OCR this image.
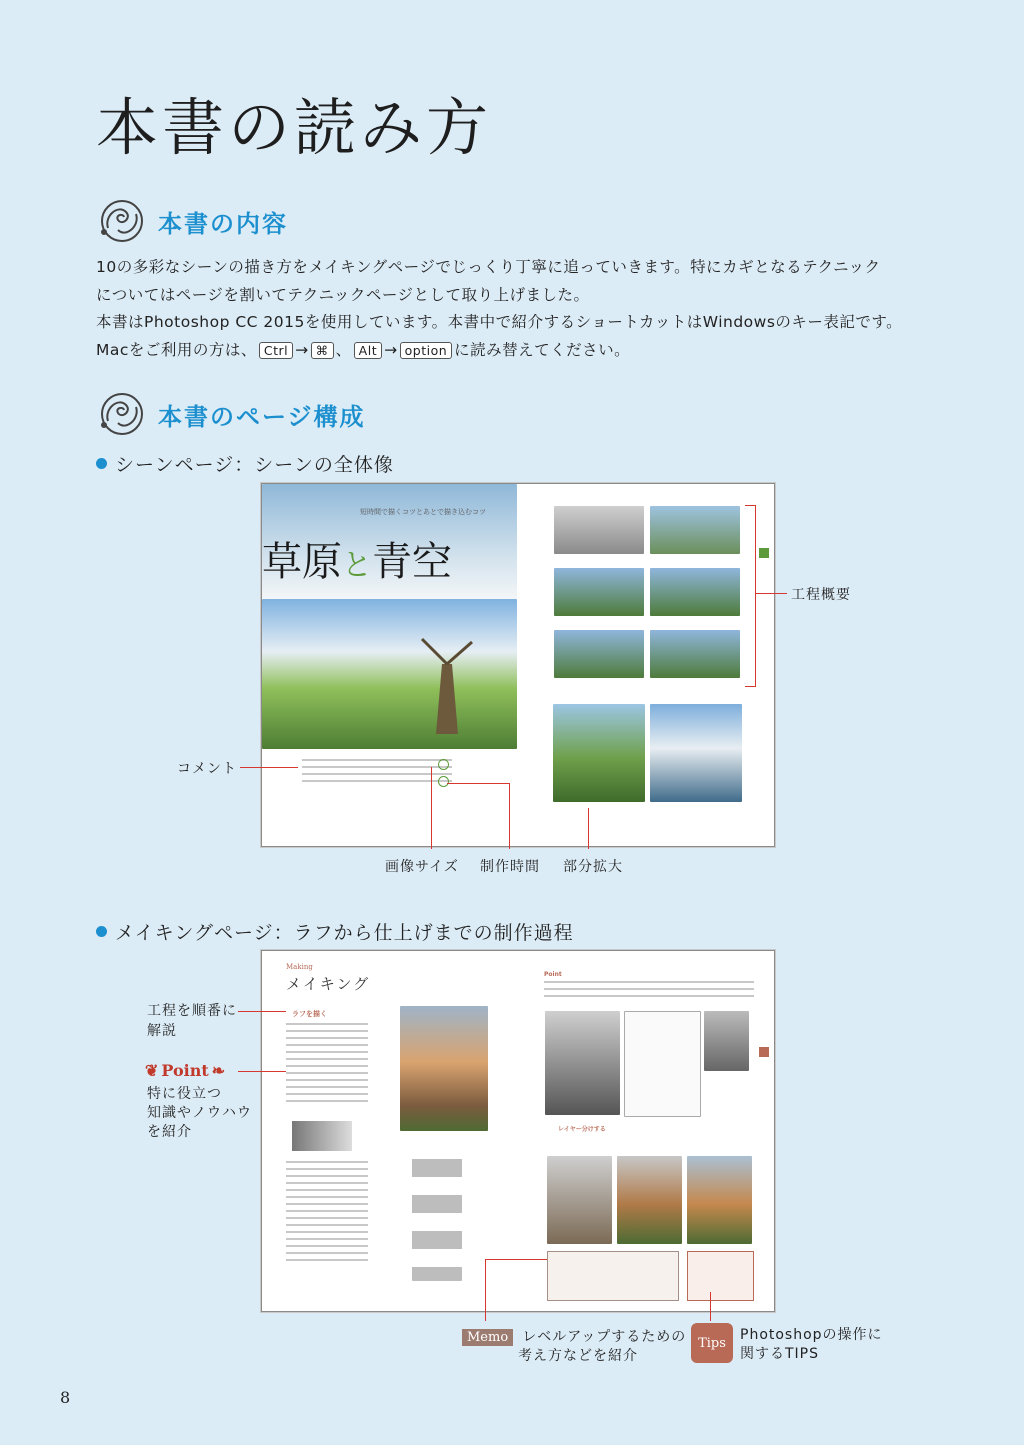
本書の読み方
本書の内容

10の多彩なシーンの描き方をメイキングページでじっくり丁寧に追っていきます。特にカギとなるテクニック

についてはページを割いてテクニックページとして取り上げました。

本書はPhotoshop CC 2015を使用しています。本書中で紹介するショートカットはWindowsのキー表記です。

Macをご利用の方は、 Ctrl → ⌘ 、 Alt → option に読み替えてください。

本書のページ構成
シーンページ：シーンの全体像
草原と青空
短時間で描くコツとあとで描き込むコツ
工程概要
コメント
画像サイズ 制作時間 部分拡大
メイキングページ：ラフから仕上げまでの制作過程
Making
メイキング
ラフを描く
Point
レイヤー分けする
工程を順番に
解説
❦ Point ❧
特に役立つ
知識やノウハウ
を紹介
Memo レベルアップするための
考え方などを紹介
Tips	Photoshopの操作に
関するTIPS
8
